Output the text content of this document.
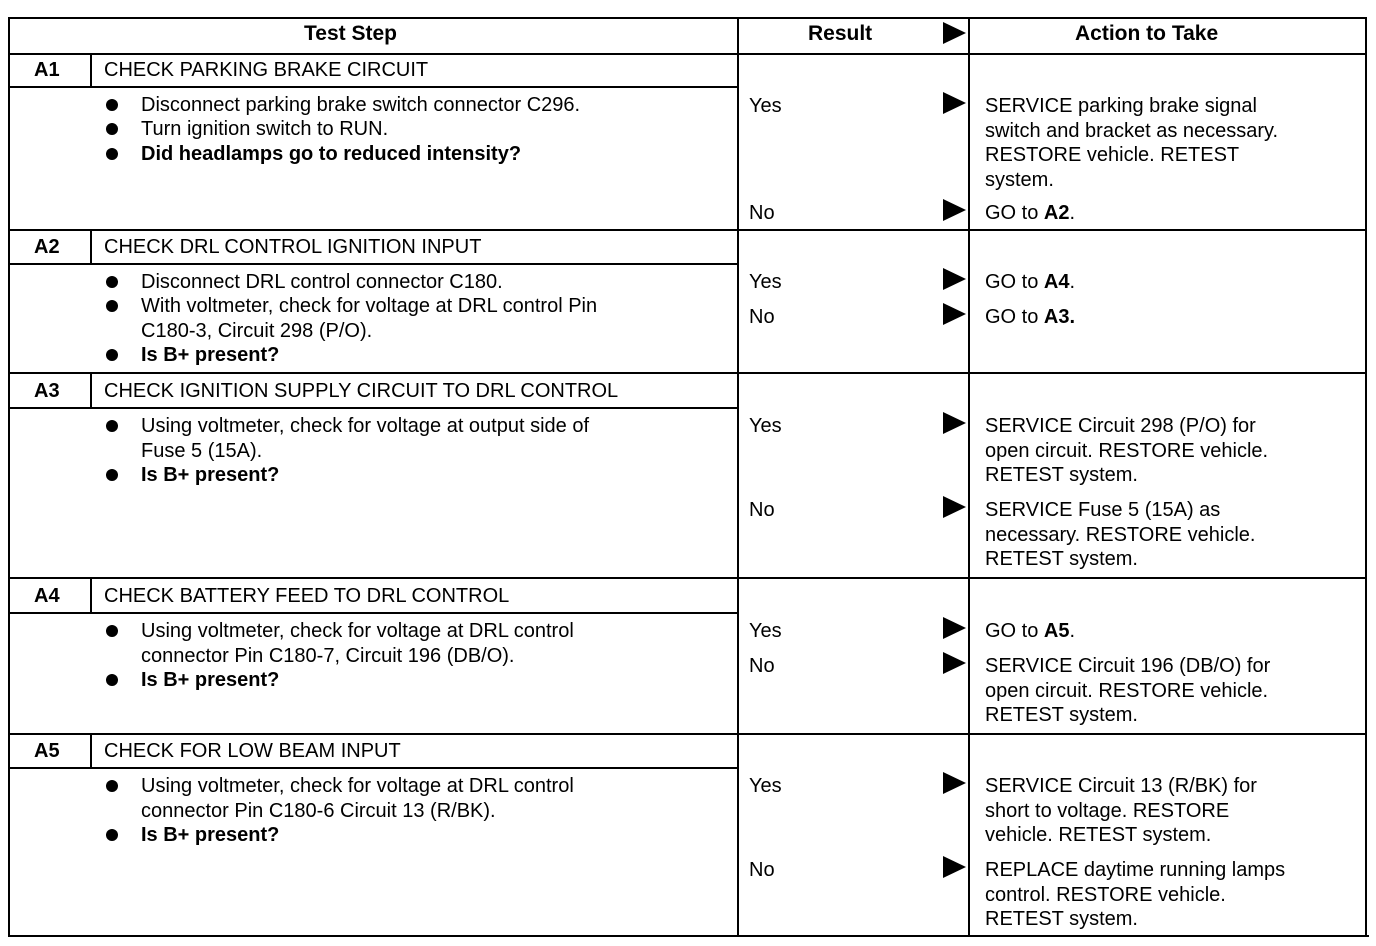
Test Step	Result	Action to Take
A1 CHECK PARKING BRAKE CIRCUIT
Disconnect parking brake switch connector C296.
Turn ignition switch to RUN.
Did headlamps go to reduced intensity?
Yes	SERVICE parking brake signal
switch and bracket as necessary.
RESTORE vehicle. RETEST
system.
No	GO to A2.
A2 CHECK DRL CONTROL IGNITION INPUT
Disconnect DRL control connector C180.
With voltmeter, check for voltage at DRL control Pin
C180-3, Circuit 298 (P/O).
Is B+ present?
Yes	GO to A4.
No	GO to A3.
A3 CHECK IGNITION SUPPLY CIRCUIT TO DRL CONTROL
Using voltmeter, check for voltage at output side of
Fuse 5 (15A).
Is B+ present?
Yes	SERVICE Circuit 298 (P/O) for
open circuit. RESTORE vehicle.
RETEST system.
No	SERVICE Fuse 5 (15A) as
necessary. RESTORE vehicle.
RETEST system.
A4 CHECK BATTERY FEED TO DRL CONTROL
Using voltmeter, check for voltage at DRL control
connector Pin C180-7, Circuit 196 (DB/O).
Is B+ present?
Yes	GO to A5.
No	SERVICE Circuit 196 (DB/O) for
open circuit. RESTORE vehicle.
RETEST system.
A5 CHECK FOR LOW BEAM INPUT
Using voltmeter, check for voltage at DRL control
connector Pin C180-6 Circuit 13 (R/BK).
Is B+ present?
Yes	SERVICE Circuit 13 (R/BK) for
short to voltage. RESTORE
vehicle. RETEST system.
No	REPLACE daytime running lamps
control. RESTORE vehicle.
RETEST system.
